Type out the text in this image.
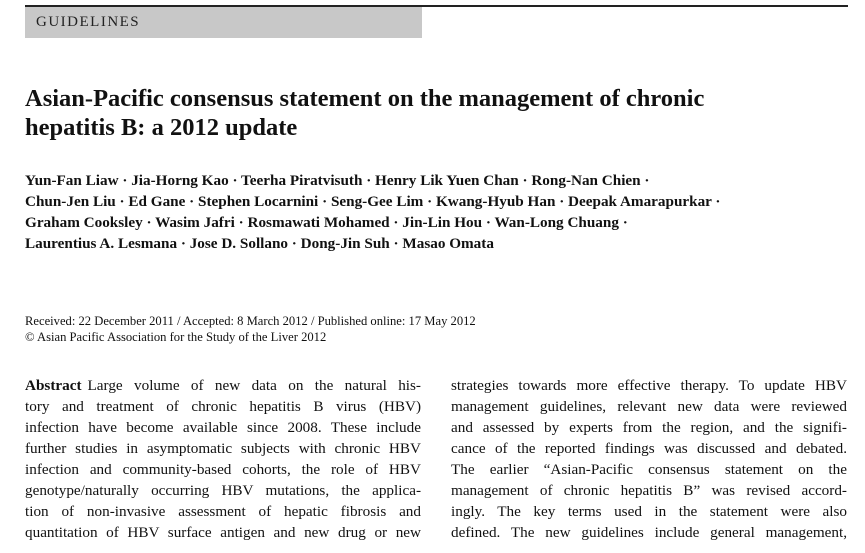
GUIDELINES
Asian-Pacific consensus statement on the management of chronic
hepatitis B: a 2012 update
Yun-Fan Liaw · Jia-Horng Kao · Teerha Piratvisuth · Henry Lik Yuen Chan · Rong-Nan Chien ·
Chun-Jen Liu · Ed Gane · Stephen Locarnini · Seng-Gee Lim · Kwang-Hyub Han · Deepak Amarapurkar ·
Graham Cooksley · Wasim Jafri · Rosmawati Mohamed · Jin-Lin Hou · Wan-Long Chuang ·
Laurentius A. Lesmana · Jose D. Sollano · Dong-Jin Suh · Masao Omata
Received: 22 December 2011 / Accepted: 8 March 2012 / Published online: 17 May 2012
© Asian Pacific Association for the Study of the Liver 2012
Abstract Large volume of new data on the natural his-
tory and treatment of chronic hepatitis B virus (HBV)
infection have become available since 2008. These include
further studies in asymptomatic subjects with chronic HBV
infection and community-based cohorts, the role of HBV
genotype/naturally occurring HBV mutations, the applica-
tion of non-invasive assessment of hepatic fibrosis and
quantitation of HBV surface antigen and new drug or new
strategies towards more effective therapy. To update HBV
management guidelines, relevant new data were reviewed
and assessed by experts from the region, and the signifi-
cance of the reported findings was discussed and debated.
The earlier “Asian-Pacific consensus statement on the
management of chronic hepatitis B” was revised accord-
ingly. The key terms used in the statement were also
defined. The new guidelines include general management,
